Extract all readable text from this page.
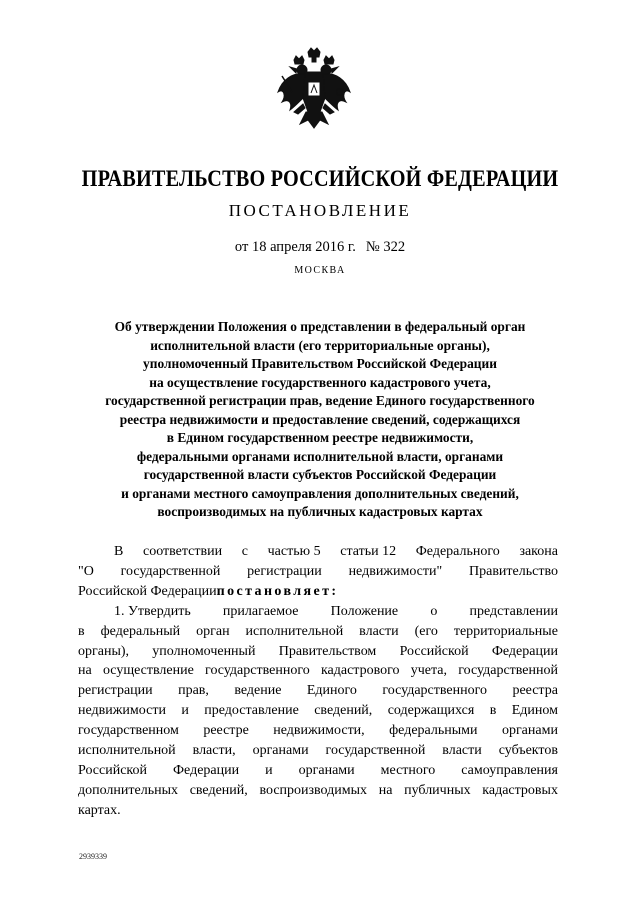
ПРАВИТЕЛЬСТВО РОССИЙСКОЙ ФЕДЕРАЦИИ
ПОСТАНОВЛЕНИЕ
от 18 апреля 2016 г. № 322
МОСКВА
Об утверждении Положения о представлении в федеральный орган
исполнительной власти (его территориальные органы),
уполномоченный Правительством Российской Федерации
на осуществление государственного кадастрового учета,
государственной регистрации прав, ведение Единого государственного
реестра недвижимости и предоставление сведений, содержащихся
в Едином государственном реестре недвижимости,
федеральными органами исполнительной власти, органами
государственной власти субъектов Российской Федерации
и органами местного самоуправления дополнительных сведений,
воспроизводимых на публичных кадастровых картах
В соответствии с частью 5 статьи 12 Федерального закона
"О государственной регистрации недвижимости" Правительство
Российской Федерации постановляет:
1. Утвердить прилагаемое Положение о представлении
в федеральный орган исполнительной власти (его территориальные
органы), уполномоченный Правительством Российской Федерации
на осуществление государственного кадастрового учета, государственной
регистрации прав, ведение Единого государственного реестра
недвижимости и предоставление сведений, содержащихся в Едином
государственном реестре недвижимости, федеральными органами
исполнительной власти, органами государственной власти субъектов
Российской Федерации и органами местного самоуправления
дополнительных сведений, воспроизводимых на публичных кадастровых
картах.
2939339
